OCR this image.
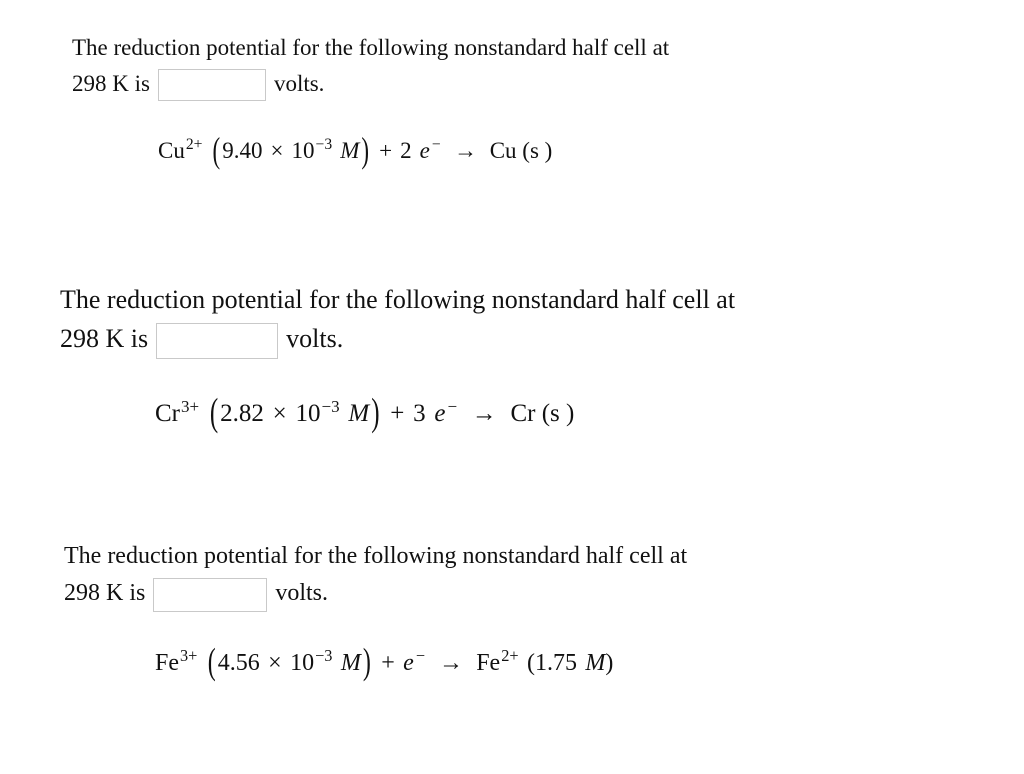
The reduction potential for the following nonstandard half cell at
298 K is	volts.
$Cu^{2+}$ ( $9.40 \times 10^{-3}$ M ) + 2 e− → Cu (s )
The reduction potential for the following nonstandard half cell at
298 K is	volts.
$Cr^{3+}$ ( $2.82 \times 10^{-3}$ M ) + 3 e− → Cr (s )
The reduction potential for the following nonstandard half cell at
298 K is	volts.
$Fe^{3+}$ ( $4.56 \times 10^{-3}$ M ) + $e^- \to Fe^{2+}$ (1.75 M)
